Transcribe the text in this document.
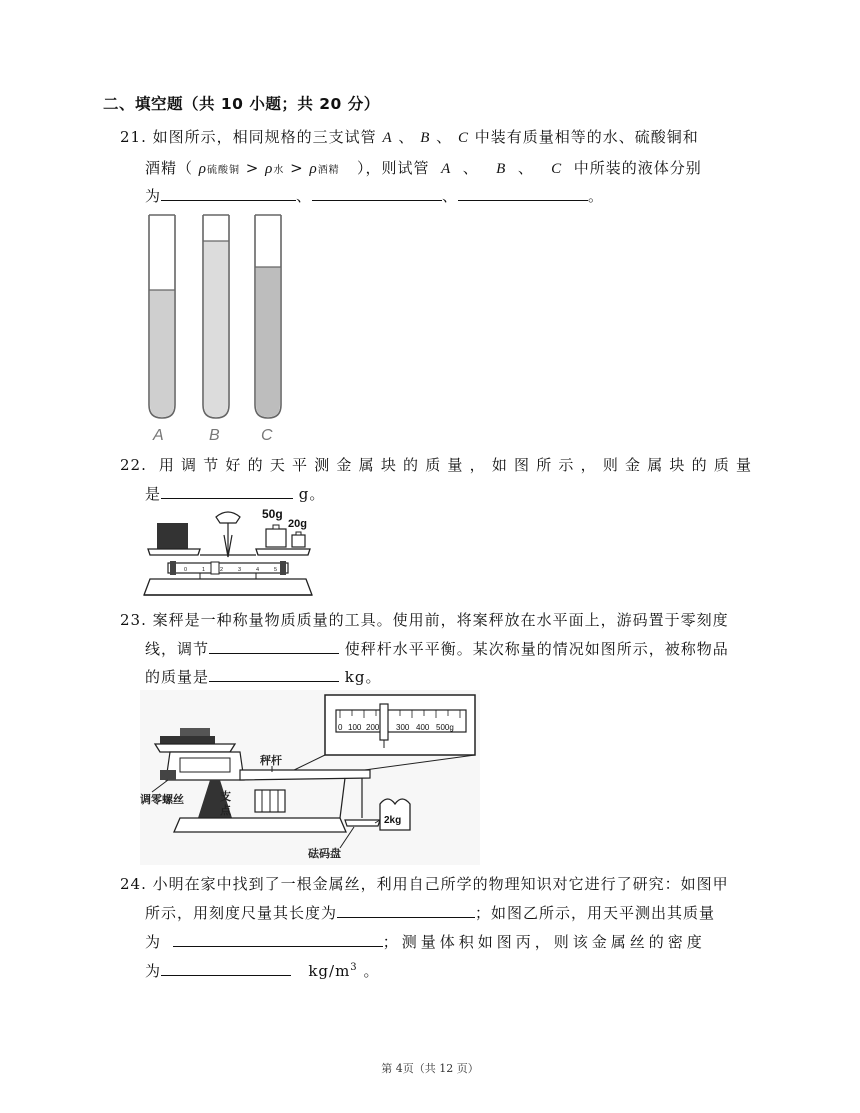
二、填空题（共 10 小题；共 20 分）
21. 如图所示，相同规格的三支试管 A 、 B 、 C 中装有质量相等的水、硫酸铜和
酒精（ ρ硫酸铜 > ρ水 > ρ酒精 ），则试管 A 、 B 、 C 中所装的液体分别
为	、	、	。
A	B	C
22. 用调节好的天平测金属块的质量，如图所示，则金属块的质量
是	g。
50g
20g
0	1	2	3	4	5
23. 案秤是一种称量物质质量的工具。使用前，将案秤放在水平面上，游码置于零刻度
线，调节	使秤杆水平平衡。某次称量的情况如图所示，被称物品
的质量是	kg。
0 100 200 300 400 500g
调零螺丝
秤杆
支
点
2kg
砝码盘
24. 小明在家中找到了一根金属丝，利用自己所学的物理知识对它进行了研究：如图甲
所示，用刻度尺量其长度为	；如图乙所示，用天平测出其质量
为	；测量体积如图丙，则该金属丝的密度
为	$kg/m^3$ 。
第 4页（共 12 页）
